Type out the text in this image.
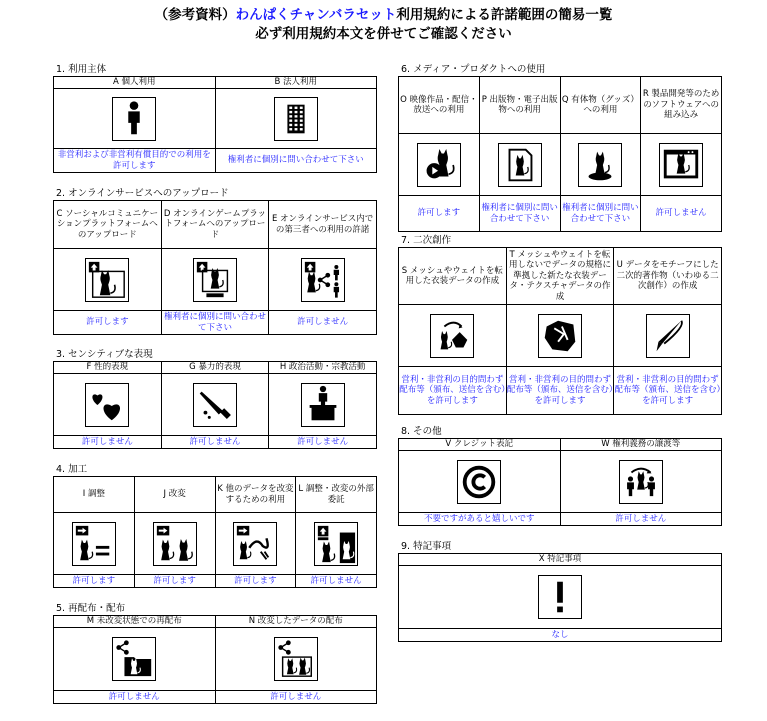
（参考資料）わんぱくチャンバラセット利用規約による許諾範囲の簡易一覧
必ず利用規約本文を併せてご確認ください
1. 利用主体
A 個人利用	B 法人利用

非営利および非営利有償目的での利用を許可します	権利者に個別に問い合わせて下さい
2. オンラインサービスへのアップロード
C ソーシャルコミュニケーションプラットフォームへのアップロード	D オンラインゲームプラットフォームへのアップロード	E オンラインサービス内での第三者への利用の許諾

許可します	権利者に個別に問い合わせて下さい	許可しません
3. センシティブな表現
F 性的表現	G 暴力的表現	H 政治活動・宗教活動

許可しません	許可しません	許可しません
4. 加工
I 調整	J 改変	K 他のデータを改変するための利用	L 調整・改変の外部委託

許可します	許可します	許可します	許可しません
5. 再配布・配布
M 未改変状態での再配布	N 改変したデータの配布

許可しません	許可しません
6. メディア・プロダクトへの使用
O 映像作品・配信・放送への利用	P 出版物・電子出版物への利用	Q 有体物（グッズ）への利用	R 製品開発等のためのソフトウェアへの組み込み

許可します	権利者に個別に問い合わせて下さい	権利者に個別に問い合わせて下さい	許可しません
7. 二次創作
S メッシュやウェイトを転用した衣装データの作成	T メッシュやウェイトを転用しないでデータの規格に準拠した新たな衣装データ・テクスチャデータの作成	U データをモチーフにした二次的著作物（いわゆる二次創作）の作成

営利・非営利の目的問わず配布等（頒布、送信を含む）を許可します	営利・非営利の目的問わず配布等（頒布、送信を含む）を許可します	営利・非営利の目的問わず配布等（頒布、送信を含む）を許可します
8. その他
V クレジット表記	W 権利義務の譲渡等

不要ですがあると嬉しいです	許可しません
9. 特記事項
X 特記事項

なし
